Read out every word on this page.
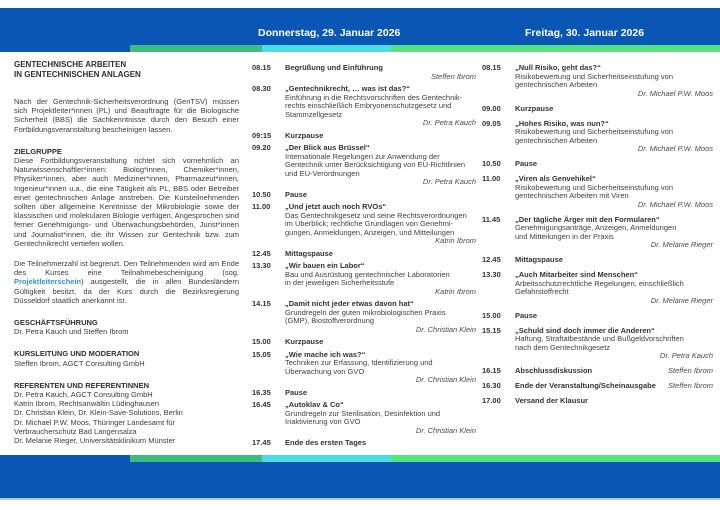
Donnerstag, 29. Januar 2026	Freitag, 30. Januar 2026
GENTECHNISCHE ARBEITEN
IN GENTECHNISCHEN ANLAGEN
Nach der Gentechnik-Sicherheitsverordnung (GenTSV) müssen sich Projektleiter*innen (PL) und Beauftragte für die Biologische Sicherheit (BBS) die Sachkenntnisse durch den Besuch einer Fortbildungsveranstaltung bescheinigen lassen.
ZIELGRUPPE
Diese Fortbildungsveranstaltung richtet sich vornehmlich an Naturwissenschaftler*innen: Biolog*innen, Chemiker*innen, Physiker*innen, aber auch Mediziner*innen, Pharmazeut*innen, Ingenieur*innen u.a., die eine Tätigkeit als PL, BBS oder Betreiber einer gentechnischen Anlage anstreben. Die Kursteilnehmenden sollten über allgemeine Kenntnisse der Mikrobiologie sowie der klassischen und molekularen Biologie verfügen. Angesprochen sind ferner Genehmigungs- und Überwachungsbehörden, Jurist*innen und Journalist*innen, die ihr Wissen zur Gentechnik bzw. zum Gentechnikrecht vertiefen wollen.
Die Teilnehmerzahl ist begrenzt. Den Teilnehmenden wird am Ende des Kurses eine Teilnahmebescheinigung (sog. Projektleiterschein) ausgestellt, die in allen Bundesländern Gültigkeit besitzt, da der Kurs durch die Bezirksregierung Düsseldorf staatlich anerkannt ist.
GESCHÄFTSFÜHRUNG
Dr. Petra Kauch und Steffen Ibrom
KURSLEITUNG UND MODERATION
Steffen Ibrom, AGCT Consulting GmbH
REFERENTEN UND REFERENTINNEN
Dr. Petra Kauch, AGCT Consulting GmbH
Katrin Ibrom, Rechtsanwältin Lüdinghausen
Dr. Christian Klein, Dr. Klein-Save-Solutions, Berlin
Dr. Michael P.W. Moos, Thüringer Landesamt für Verbraucherschutz Bad Langensalza
Dr. Melanie Rieger, Universitätsklinikum Münster
08.15	Begrüßung und Einführung
Steffen Ibrom
08.30	„Gentechnikrecht, … was ist das?“
Einführung in die Rechtsvorschriften des Gentechnik-
rechts einschließlich Embryonenschutzgesetz und
Stammzellgesetz
Dr. Petra Kauch
09:15	Kurzpause
09.20	„Der Blick aus Brüssel“
Internationale Regelungen zur Anwendung der
Gentechnik unter Berücksichtigung von EU-Richtlinien
und EU-Verordnungen
Dr. Petra Kauch
10.50	Pause
11.00	„Und jetzt auch noch RVOs“
Das Gentechnikgesetz und seine Rechtsverordnungen
im Überblick; rechtliche Grundlagen von Genehmi-
gungen, Anmeldungen, Anzeigen, und Mitteilungen
Katrin Ibrom
12.45	Mittagspause
13.30	„Wir bauen ein Labor“
Bau und Ausrüstung gentechnischer Laboratorien
in der jeweiligen Sicherheitsstufe
Katrin Ibrom
14.15	„Damit nicht jeder etwas davon hat“
Grundregeln der guten mikrobiologischen Praxis
(GMP), Biostoffverordnung
Dr. Christian Klein
15.00	Kurzpause
15.05	„Wie mache ich was?“
Techniken zur Erfassung, Identifizierung und
Überwachung von GVO
Dr. Christian Klein
16.35	Pause
16.45	„Autoklav & Co“
Grundregeln zur Sterilisation, Desinfektion und
Inaktivierung von GVO
Dr. Christian Klein
17.45	Ende des ersten Tages
08.15	„Null Risiko, geht das?“
Risikobewertung und Sicherheitseinstufung von
gentechnischen Arbeiten
Dr. Michael P.W. Moos
09.00	Kurzpause
09.05	„Hohes Risiko, was nun?“
Risikobewertung und Sicherheitseinstufung von
gentechnischen Arbeiten
Dr. Michael P.W. Moos
10.50	Pause
11.00	„Viren als Genvehikel“
Risikobewertung und Sicherheitseinstufung von
gentechnischen Arbeiten mit Viren
Dr. Michael P.W. Moos
11.45	„Der tägliche Ärger mit den Formularen“
Genehmigungsanträge, Anzeigen, Anmeldungen
und Mitteilungen in der Praxis
Dr. Melanie Rieger
12.45	Mittagspause
13.30	„Auch Mitarbeiter sind Menschen“
Arbeitsschutzrechtliche Regelungen, einschließlich
Gefahrstoffrecht
Dr. Melanie Rieger
15.00	Pause
15.15	„Schuld sind doch immer die Anderen“
Haftung, Straftatbestände und Bußgeldvorschriften
nach dem Gentechnikgesetz
Dr. Petra Kauch
16.15	Abschlussdiskussion	Steffen Ibrom
16.30	Ende der Veranstaltung/Scheinausgabe	Steffen Ibrom
17.00	Versand der Klausur
